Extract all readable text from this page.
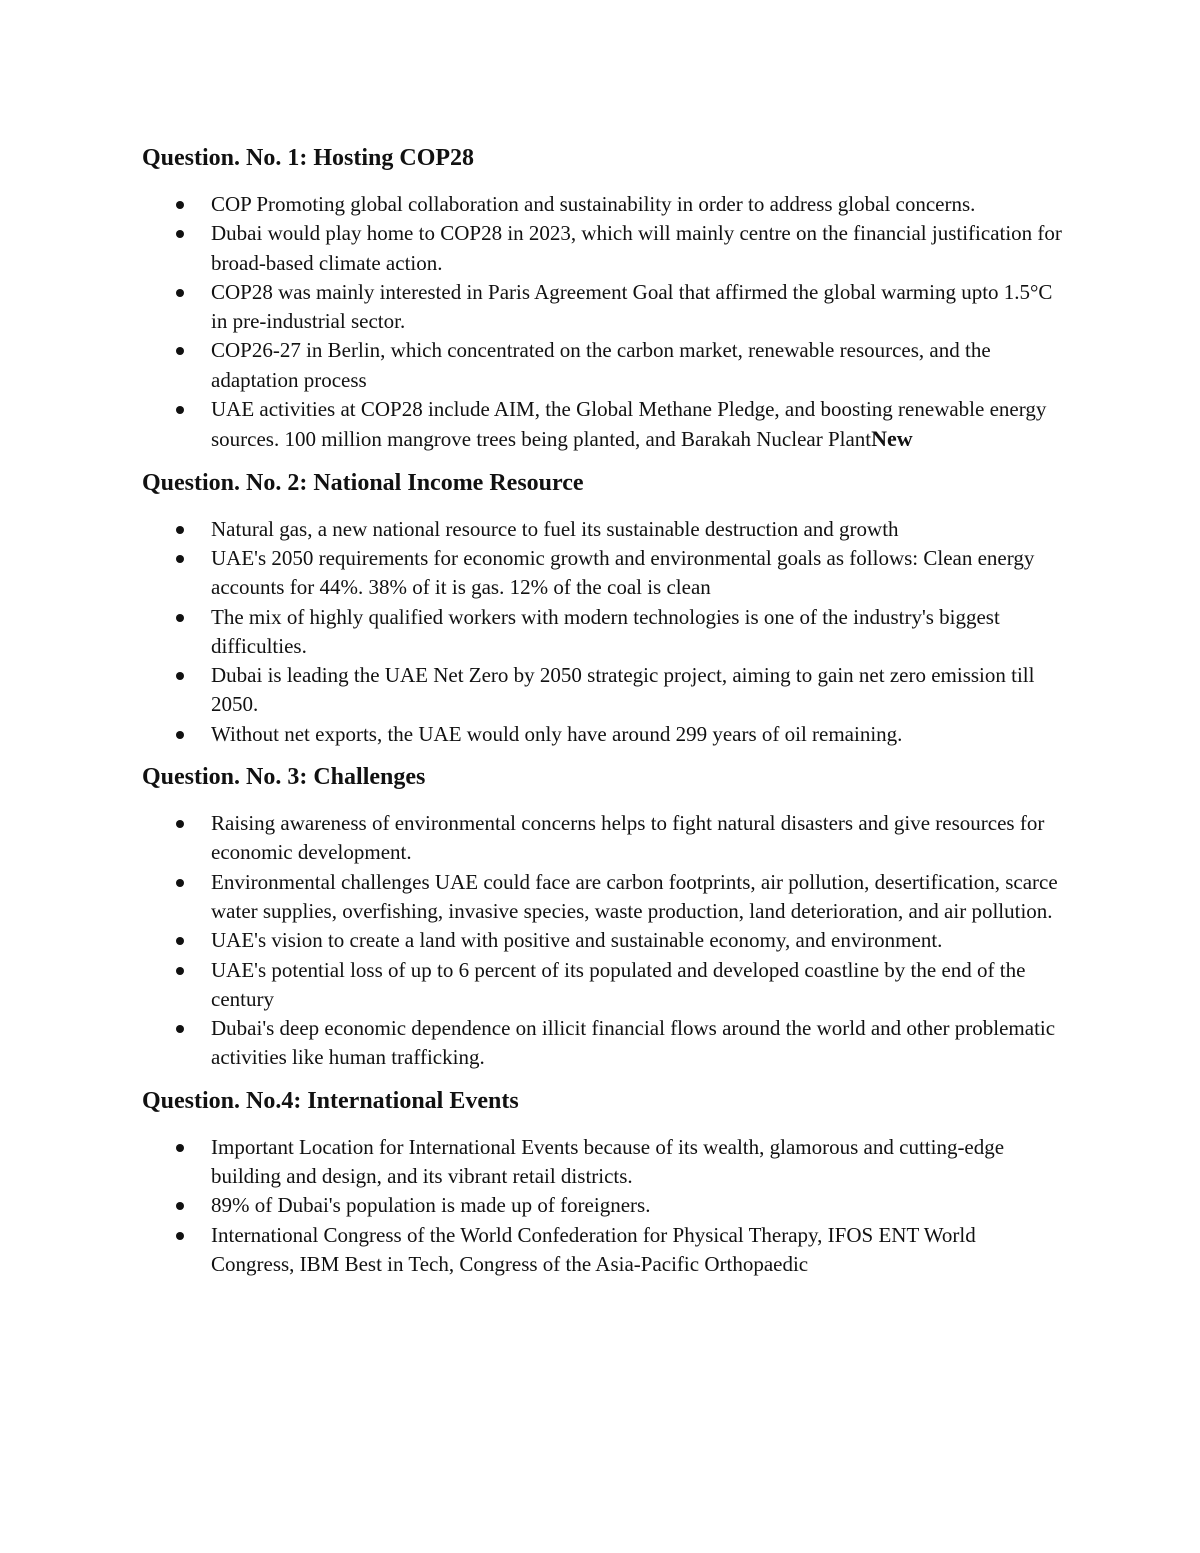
Question. No. 1: Hosting COP28
COP Promoting global collaboration and sustainability in order to address global concerns.
Dubai would play home to COP28 in 2023, which will mainly centre on the financial justification for broad-based climate action.
COP28 was mainly interested in Paris Agreement Goal that affirmed the global warming upto 1.5°C in pre-industrial sector.
COP26-27 in Berlin, which concentrated on the carbon market, renewable resources, and the adaptation process
UAE activities at COP28 include AIM, the Global Methane Pledge, and boosting renewable energy sources. 100 million mangrove trees being planted, and Barakah Nuclear PlantNew
Question. No. 2: National Income Resource
Natural gas, a new national resource to fuel its sustainable destruction and growth
UAE's 2050 requirements for economic growth and environmental goals as follows: Clean energy accounts for 44%. 38% of it is gas. 12% of the coal is clean
The mix of highly qualified workers with modern technologies is one of the industry's biggest difficulties.
Dubai is leading the UAE Net Zero by 2050 strategic project, aiming to gain net zero emission till 2050.
Without net exports, the UAE would only have around 299 years of oil remaining.
Question. No. 3: Challenges
Raising awareness of environmental concerns helps to fight natural disasters and give resources for economic development.
Environmental challenges UAE could face are carbon footprints, air pollution, desertification, scarce water supplies, overfishing, invasive species, waste production, land deterioration, and air pollution.
UAE's vision to create a land with positive and sustainable economy, and environment.
UAE's potential loss of up to 6 percent of its populated and developed coastline by the end of the century
Dubai's deep economic dependence on illicit financial flows around the world and other problematic activities like human trafficking.
Question. No.4: International Events
Important Location for International Events because of its wealth, glamorous and cutting-edge building and design, and its vibrant retail districts.
89% of Dubai's population is made up of foreigners.
International Congress of the World Confederation for Physical Therapy, IFOS ENT World Congress, IBM Best in Tech, Congress of the Asia-Pacific Orthopaedic
